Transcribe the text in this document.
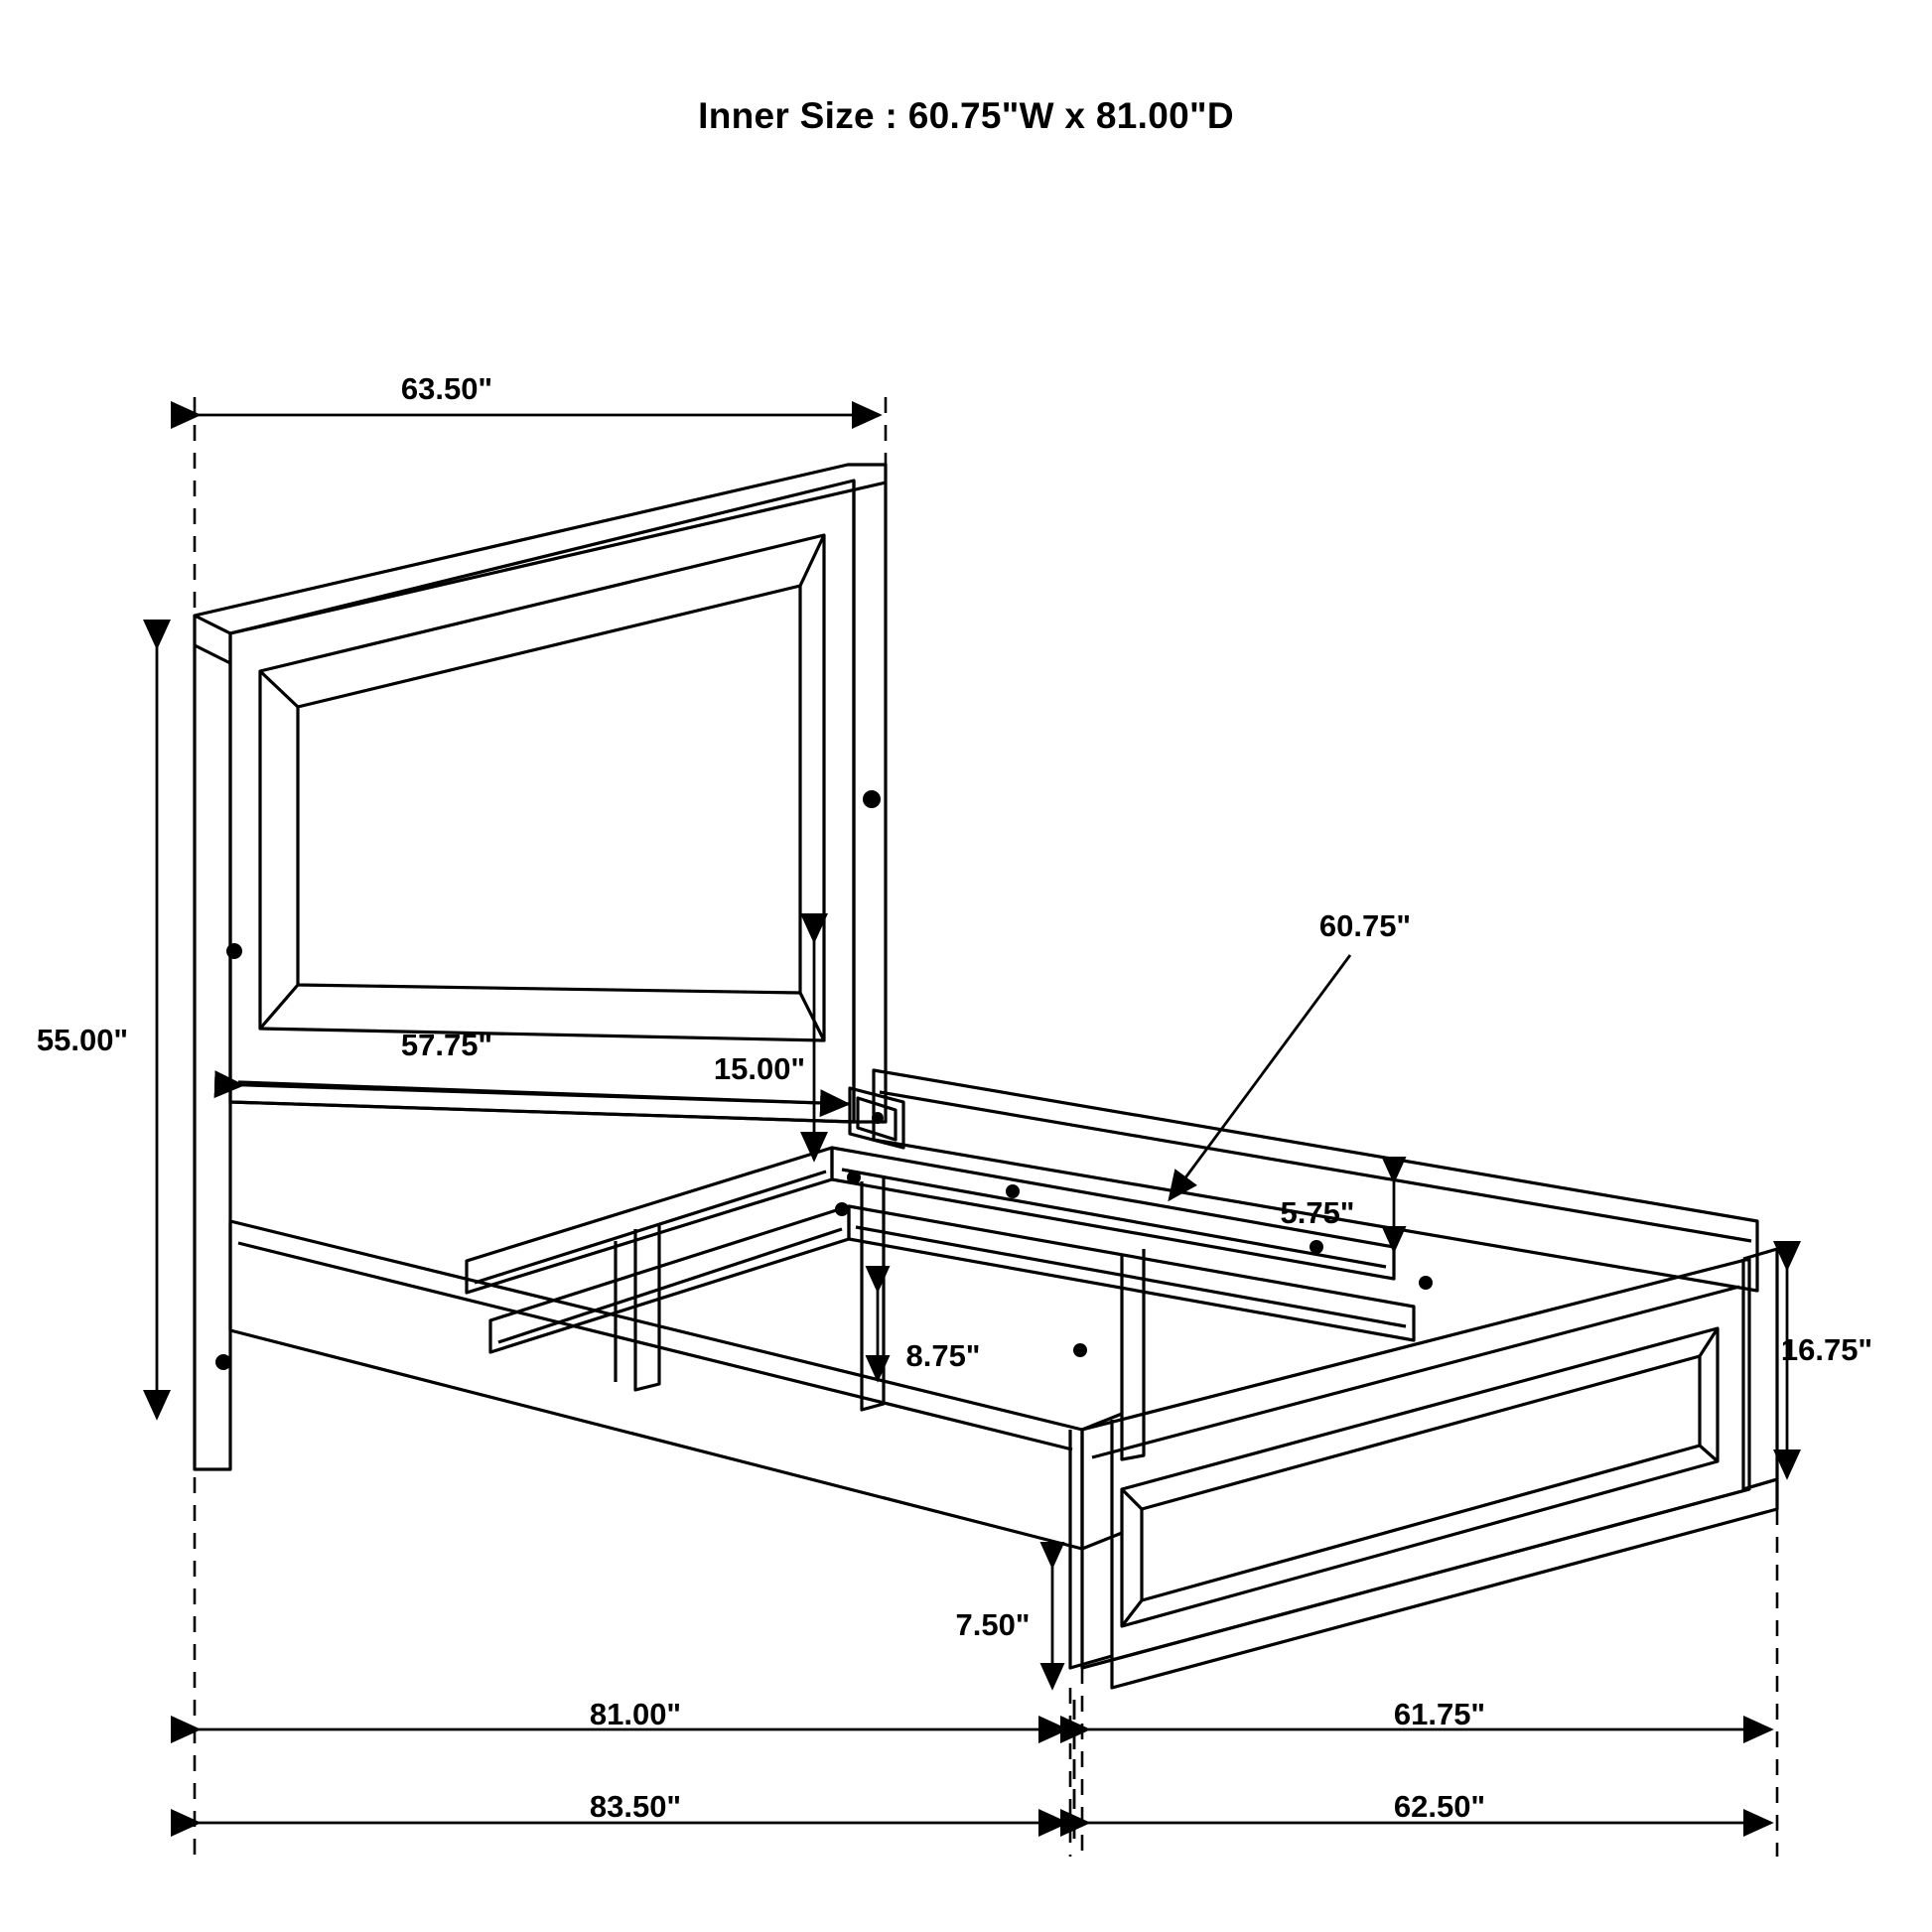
Inner Size : 60.75"W x 81.00"D
63.50"
55.00"	57.75"
15.00"
8.75"
60.75"
5.75"
16.75"
7.50"
81.00"
83.50"
61.75"
62.50"
